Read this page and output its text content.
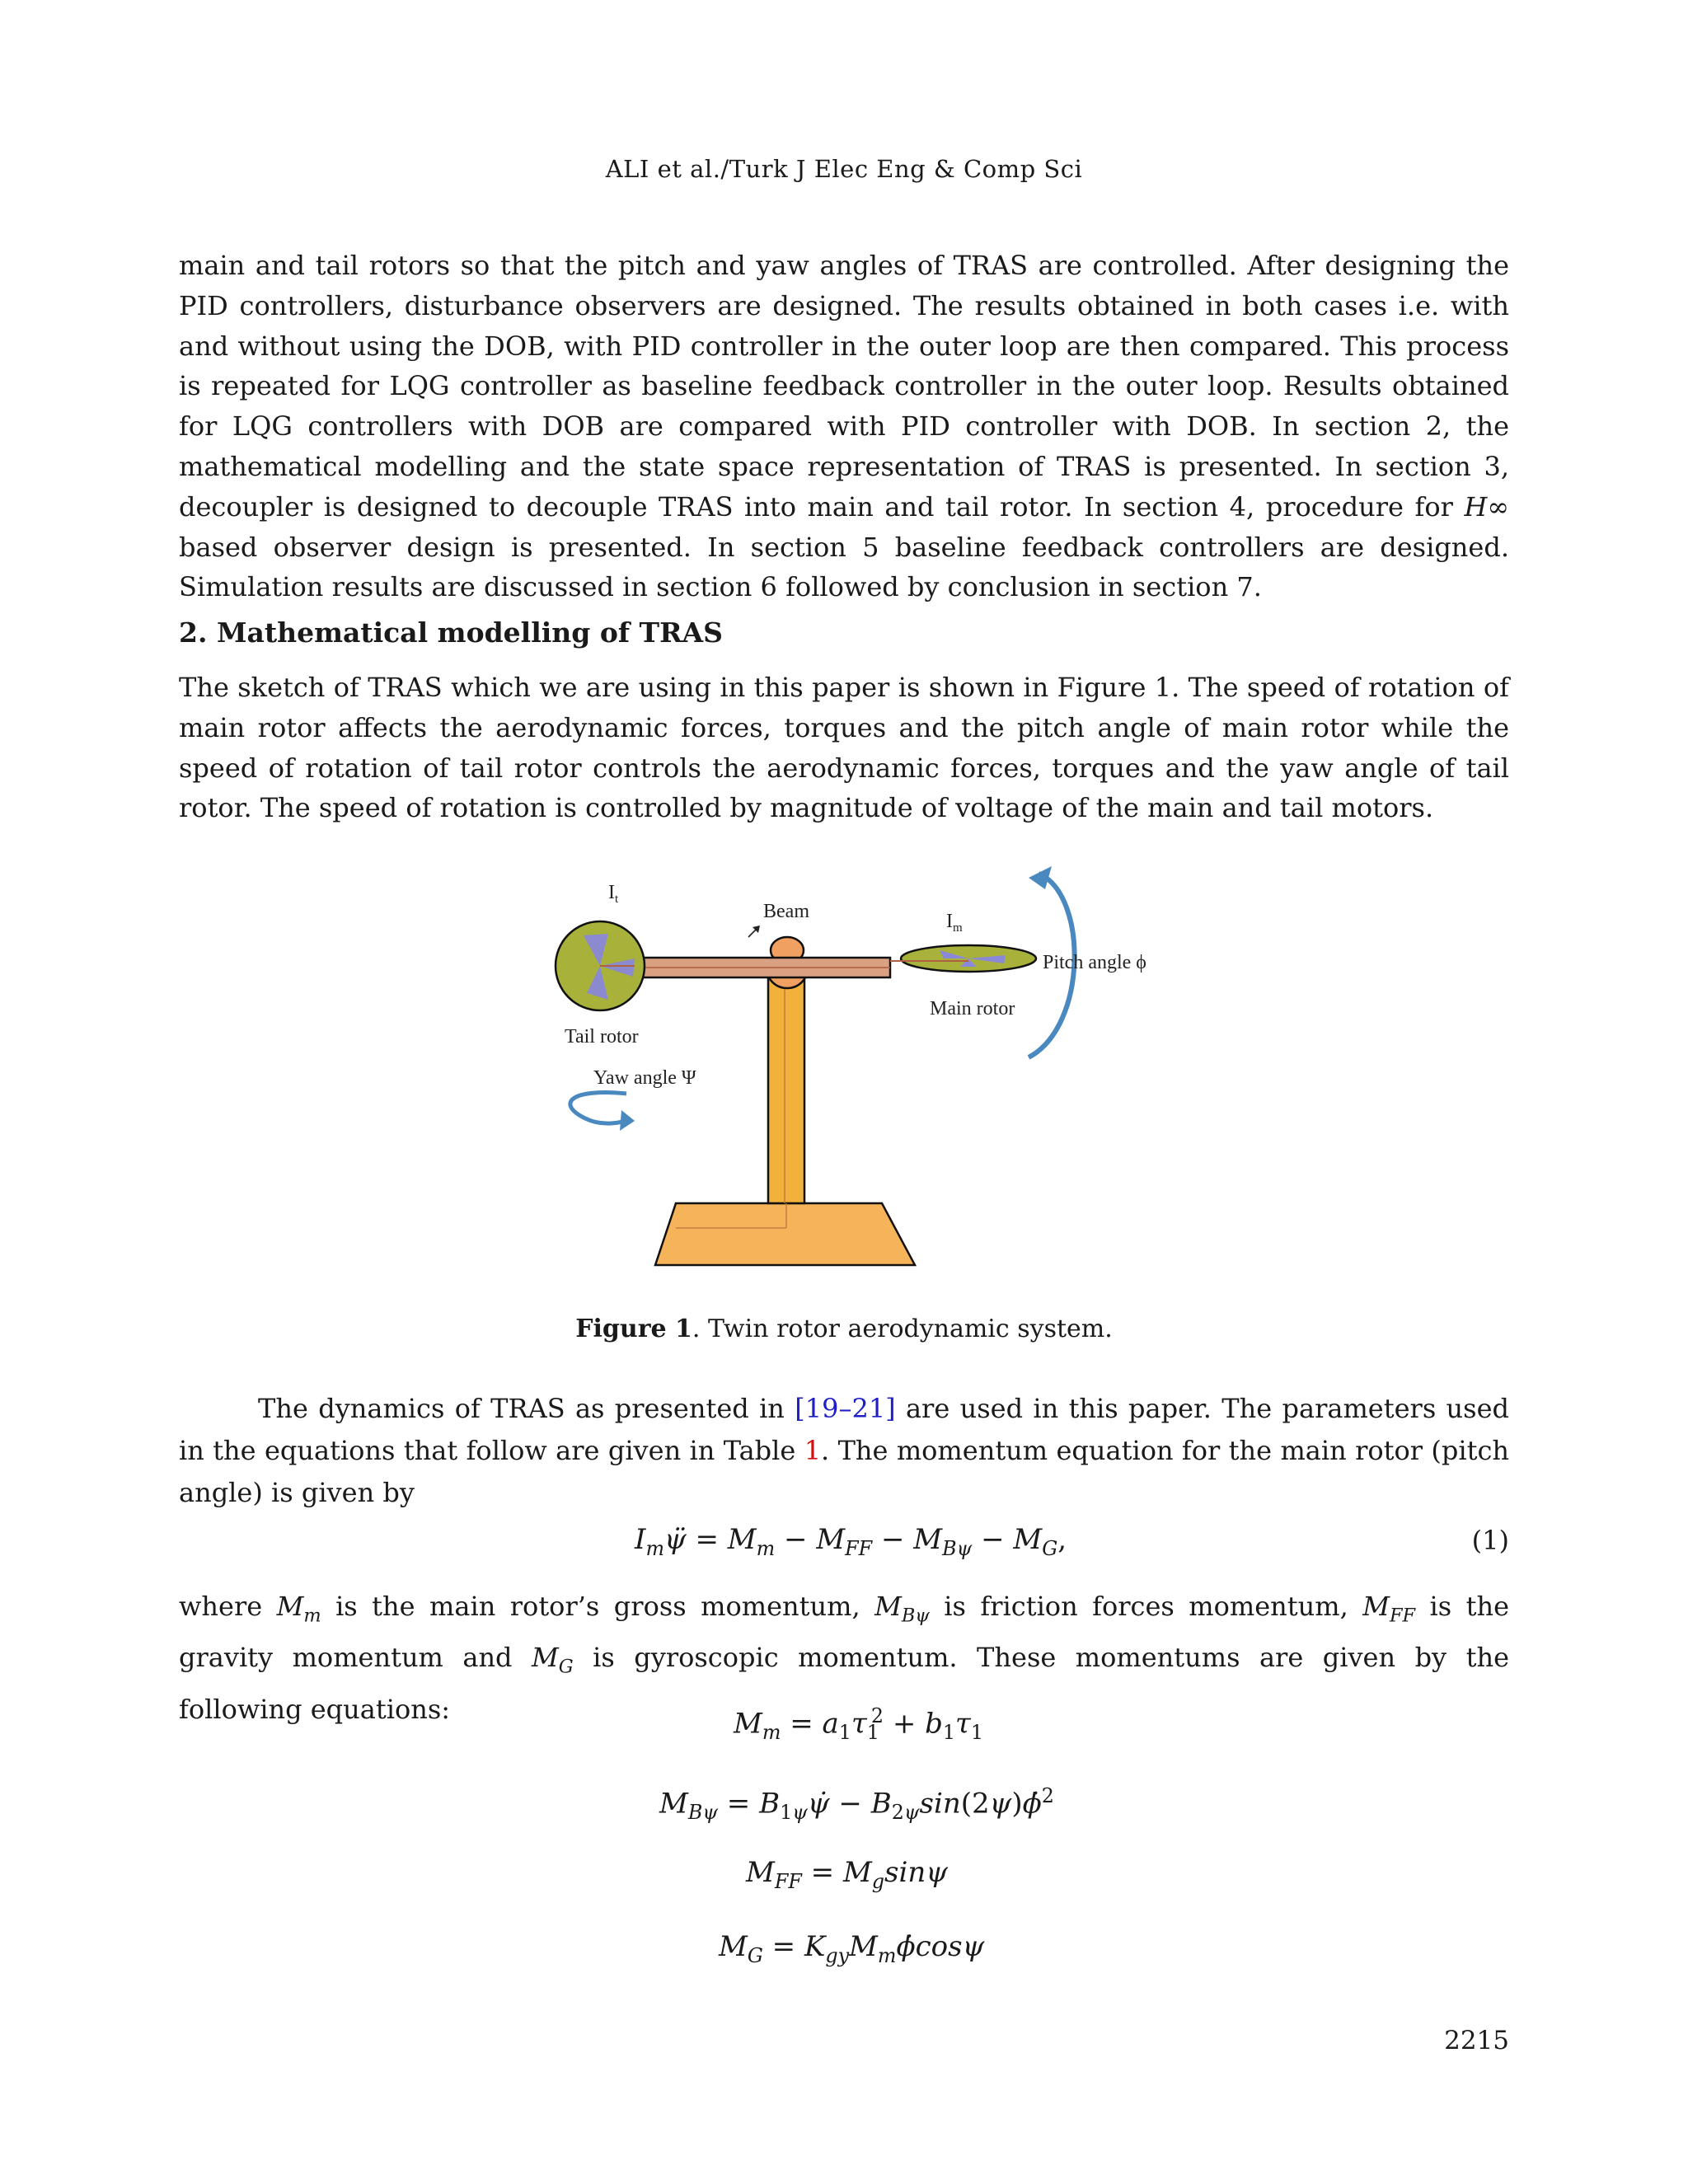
ALI et al./Turk J Elec Eng & Comp Sci

main and tail rotors so that the pitch and yaw angles of TRAS are controlled. After designing the PID controllers, disturbance observers are designed. The results obtained in both cases i.e. with and without using the DOB, with PID controller in the outer loop are then compared. This process is repeated for LQG controller as baseline feedback controller in the outer loop. Results obtained for LQG controllers with DOB are compared with PID controller with DOB. In section 2, the mathematical modelling and the state space representation of TRAS is presented. In section 3, decoupler is designed to decouple TRAS into main and tail rotor. In section 4, procedure for H∞ based observer design is presented. In section 5 baseline feedback controllers are designed. Simulation results are discussed in section 6 followed by conclusion in section 7.

2. Mathematical modelling of TRAS

The sketch of TRAS which we are using in this paper is shown in Figure 1. The speed of rotation of main rotor affects the aerodynamic forces, torques and the pitch angle of main rotor while the speed of rotation of tail rotor controls the aerodynamic forces, torques and the yaw angle of tail rotor. The speed of rotation is controlled by magnitude of voltage of the main and tail motors.

$I_t$
Beam	$I_m$
Pitch angle ϕ
Main rotor
Tail rotor
Yaw angle Ψ
Figure 1. Twin rotor aerodynamic system.

The dynamics of TRAS as presented in [19–21] are used in this paper. The parameters used in the equations that follow are given in Table 1. The momentum equation for the main rotor (pitch angle) is given by

$I_m\psï = M_m - M_{FF} - M_{B\psi} - M_G$,	(1)

where $M_m$ is the main rotor’s gross momentum, $M_{B\psi}$ is friction forces momentum, $M_{FF}$ is the gravity momentum and $M_G$ is gyroscopic momentum. These momentums are given by the following equations:	$M_m = a_1\tau_1^2 + b_1\tau_1$
$M_{B\psi}$ = $B_{1\psi}\psi̇$ − $B_{2\psi}\sin(2\psi)\phi̇^2$
$M_{FF} = M_g\sin\psi$
$M_G$ = $K_{gy}M_m\phi̇\cos\psi$
2215
